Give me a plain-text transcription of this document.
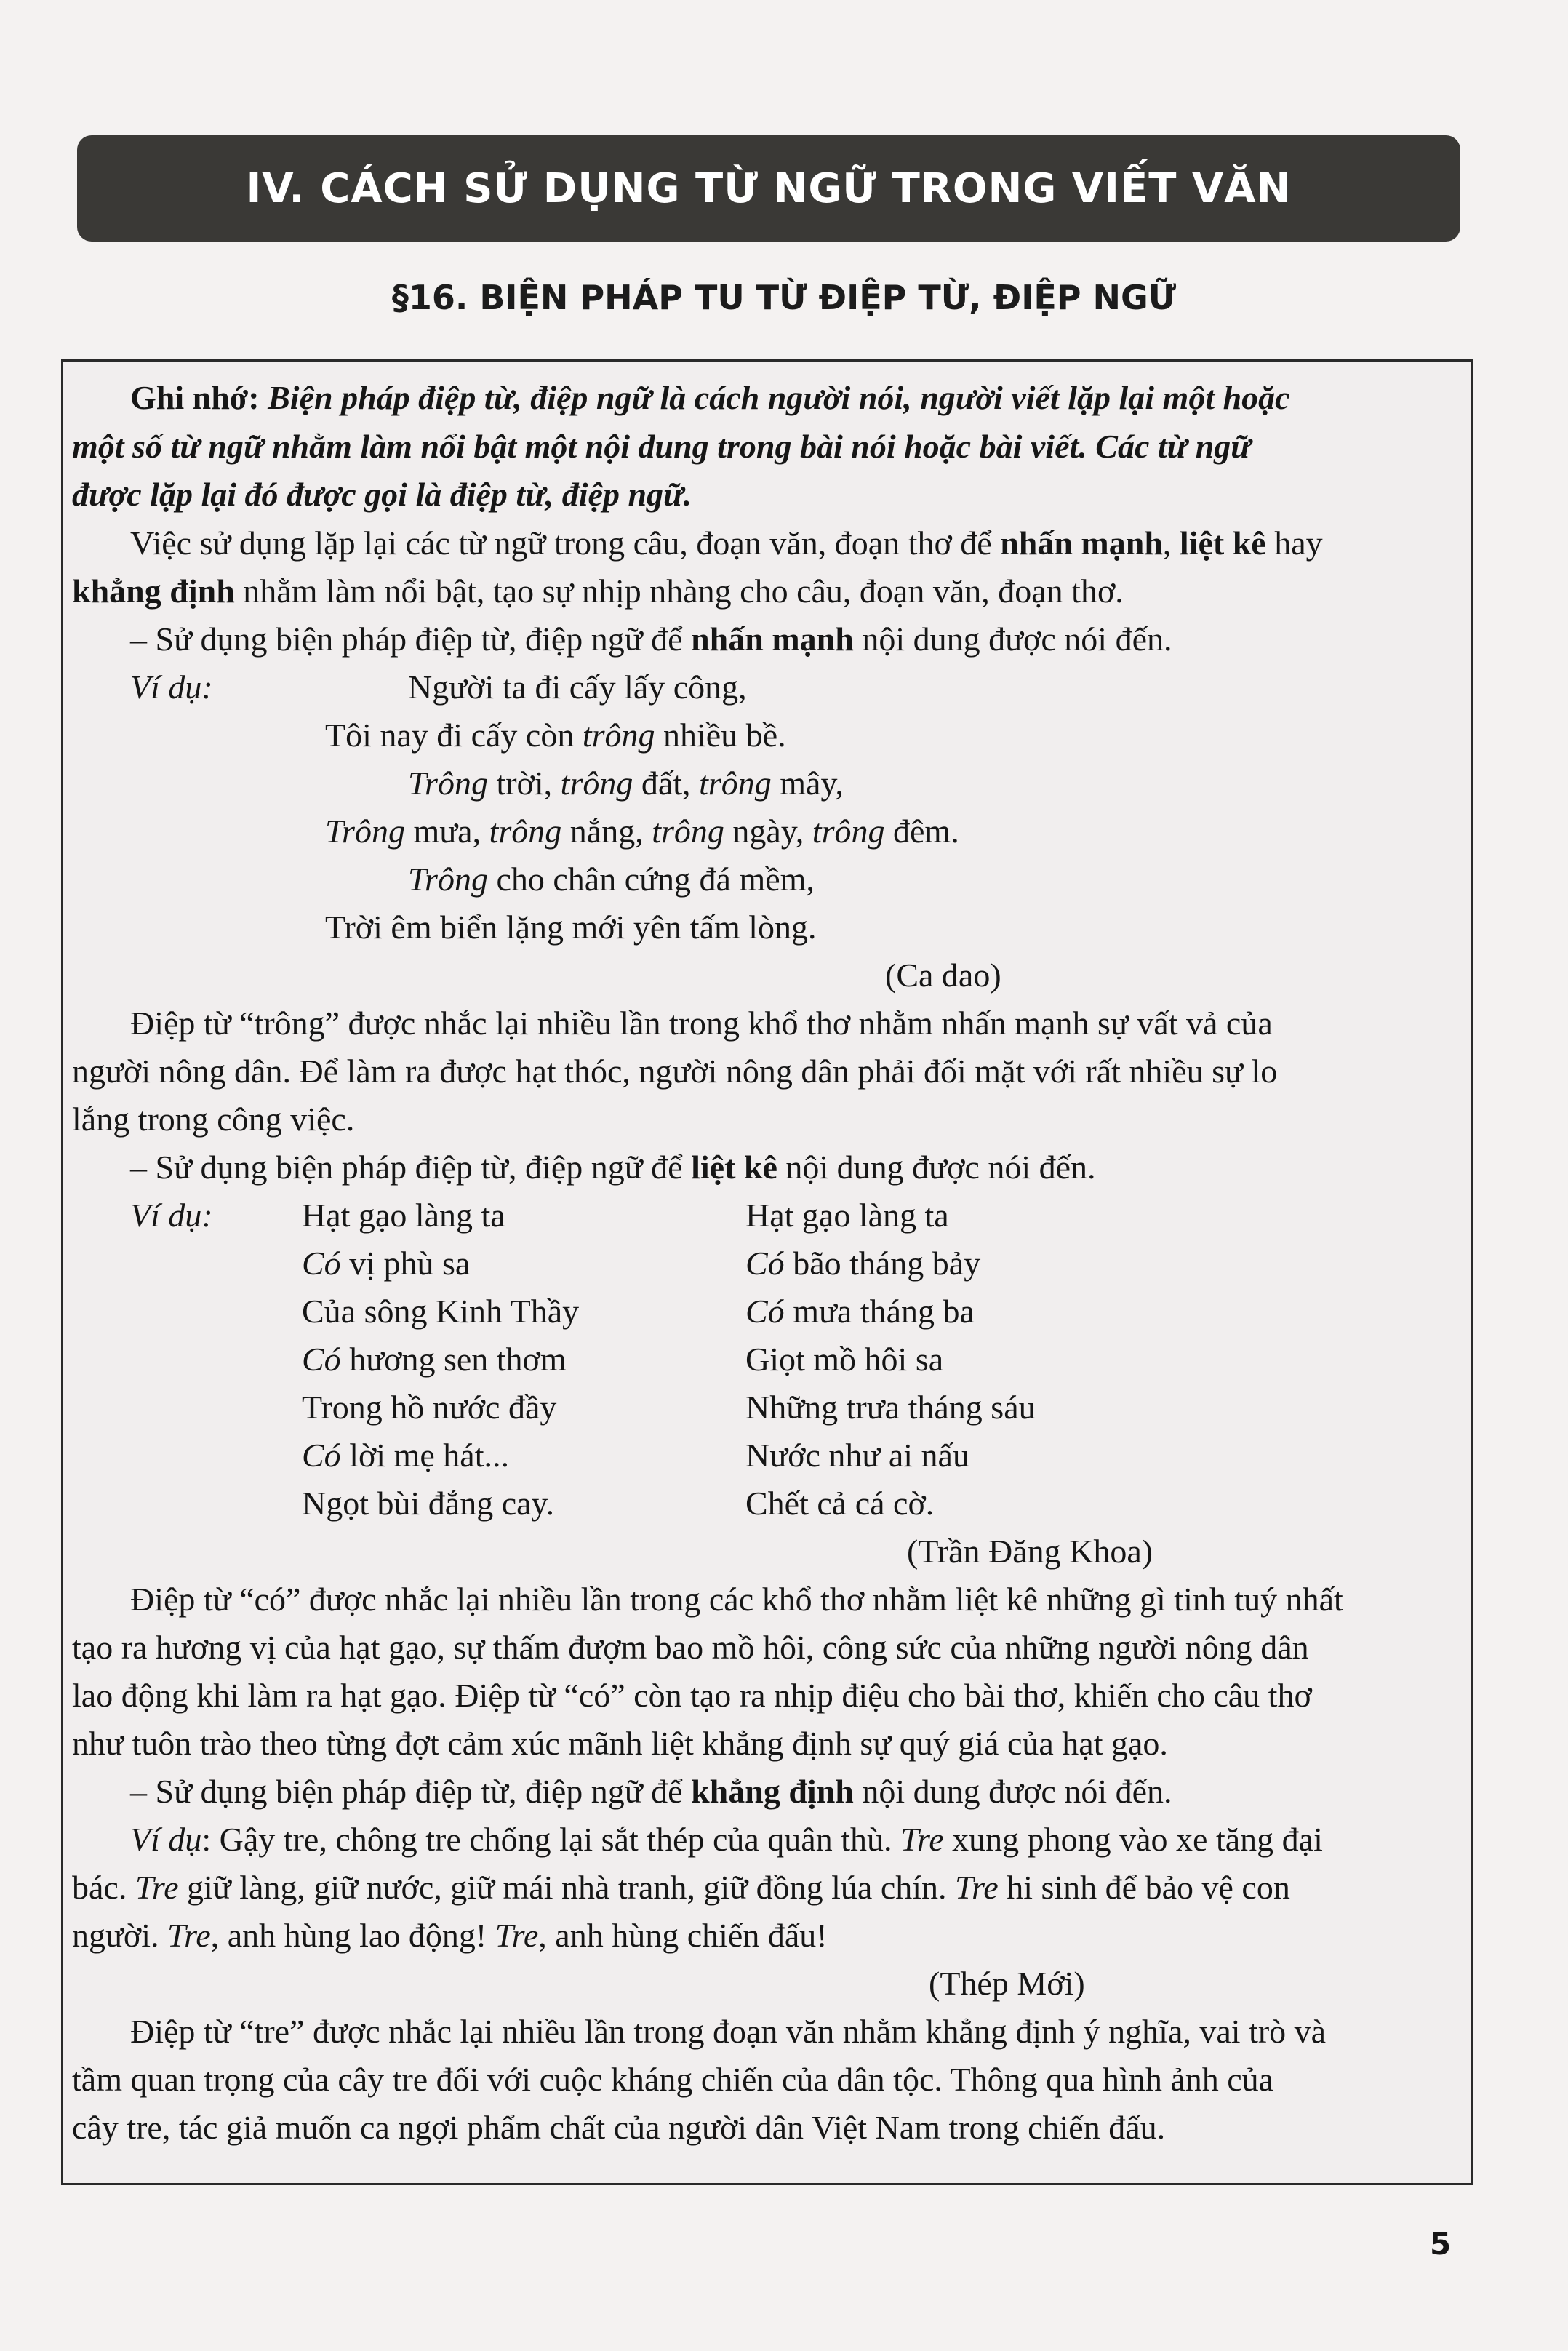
IV. CÁCH SỬ DỤNG TỪ NGỮ TRONG VIẾT VĂN
§16. BIỆN PHÁP TU TỪ ĐIỆP TỪ, ĐIỆP NGỮ
Ghi nhớ: Biện pháp điệp từ, điệp ngữ là cách người nói, người viết lặp lại một hoặc
một số từ ngữ nhằm làm nổi bật một nội dung trong bài nói hoặc bài viết. Các từ ngữ
được lặp lại đó được gọi là điệp từ, điệp ngữ.
Việc sử dụng lặp lại các từ ngữ trong câu, đoạn văn, đoạn thơ để nhấn mạnh, liệt kê hay
khẳng định nhằm làm nổi bật, tạo sự nhịp nhàng cho câu, đoạn văn, đoạn thơ.
– Sử dụng biện pháp điệp từ, điệp ngữ để nhấn mạnh nội dung được nói đến.
Ví dụ:	Người ta đi cấy lấy công,
Tôi nay đi cấy còn trông nhiều bề.
Trông trời, trông đất, trông mây,
Trông mưa, trông nắng, trông ngày, trông đêm.
Trông cho chân cứng đá mềm,
Trời êm biển lặng mới yên tấm lòng.
(Ca dao)
Điệp từ “trông” được nhắc lại nhiều lần trong khổ thơ nhằm nhấn mạnh sự vất vả của
người nông dân. Để làm ra được hạt thóc, người nông dân phải đối mặt với rất nhiều sự lo
lắng trong công việc.
– Sử dụng biện pháp điệp từ, điệp ngữ để liệt kê nội dung được nói đến.
Ví dụ:	Hạt gạo làng ta
Có vị phù sa
Của sông Kinh Thầy
Có hương sen thơm
Trong hồ nước đầy
Có lời mẹ hát...
Ngọt bùi đắng cay.
Hạt gạo làng ta
Có bão tháng bảy
Có mưa tháng ba
Giọt mồ hôi sa
Những trưa tháng sáu
Nước như ai nấu
Chết cả cá cờ.
(Trần Đăng Khoa)
Điệp từ “có” được nhắc lại nhiều lần trong các khổ thơ nhằm liệt kê những gì tinh tuý nhất
tạo ra hương vị của hạt gạo, sự thấm đượm bao mồ hôi, công sức của những người nông dân
lao động khi làm ra hạt gạo. Điệp từ “có” còn tạo ra nhịp điệu cho bài thơ, khiến cho câu thơ
như tuôn trào theo từng đợt cảm xúc mãnh liệt khẳng định sự quý giá của hạt gạo.
– Sử dụng biện pháp điệp từ, điệp ngữ để khẳng định nội dung được nói đến.
Ví dụ: Gậy tre, chông tre chống lại sắt thép của quân thù. Tre xung phong vào xe tăng đại
bác. Tre giữ làng, giữ nước, giữ mái nhà tranh, giữ đồng lúa chín. Tre hi sinh để bảo vệ con
người. Tre, anh hùng lao động! Tre, anh hùng chiến đấu!
(Thép Mới)
Điệp từ “tre” được nhắc lại nhiều lần trong đoạn văn nhằm khẳng định ý nghĩa, vai trò và
tầm quan trọng của cây tre đối với cuộc kháng chiến của dân tộc. Thông qua hình ảnh của
cây tre, tác giả muốn ca ngợi phẩm chất của người dân Việt Nam trong chiến đấu.
5
